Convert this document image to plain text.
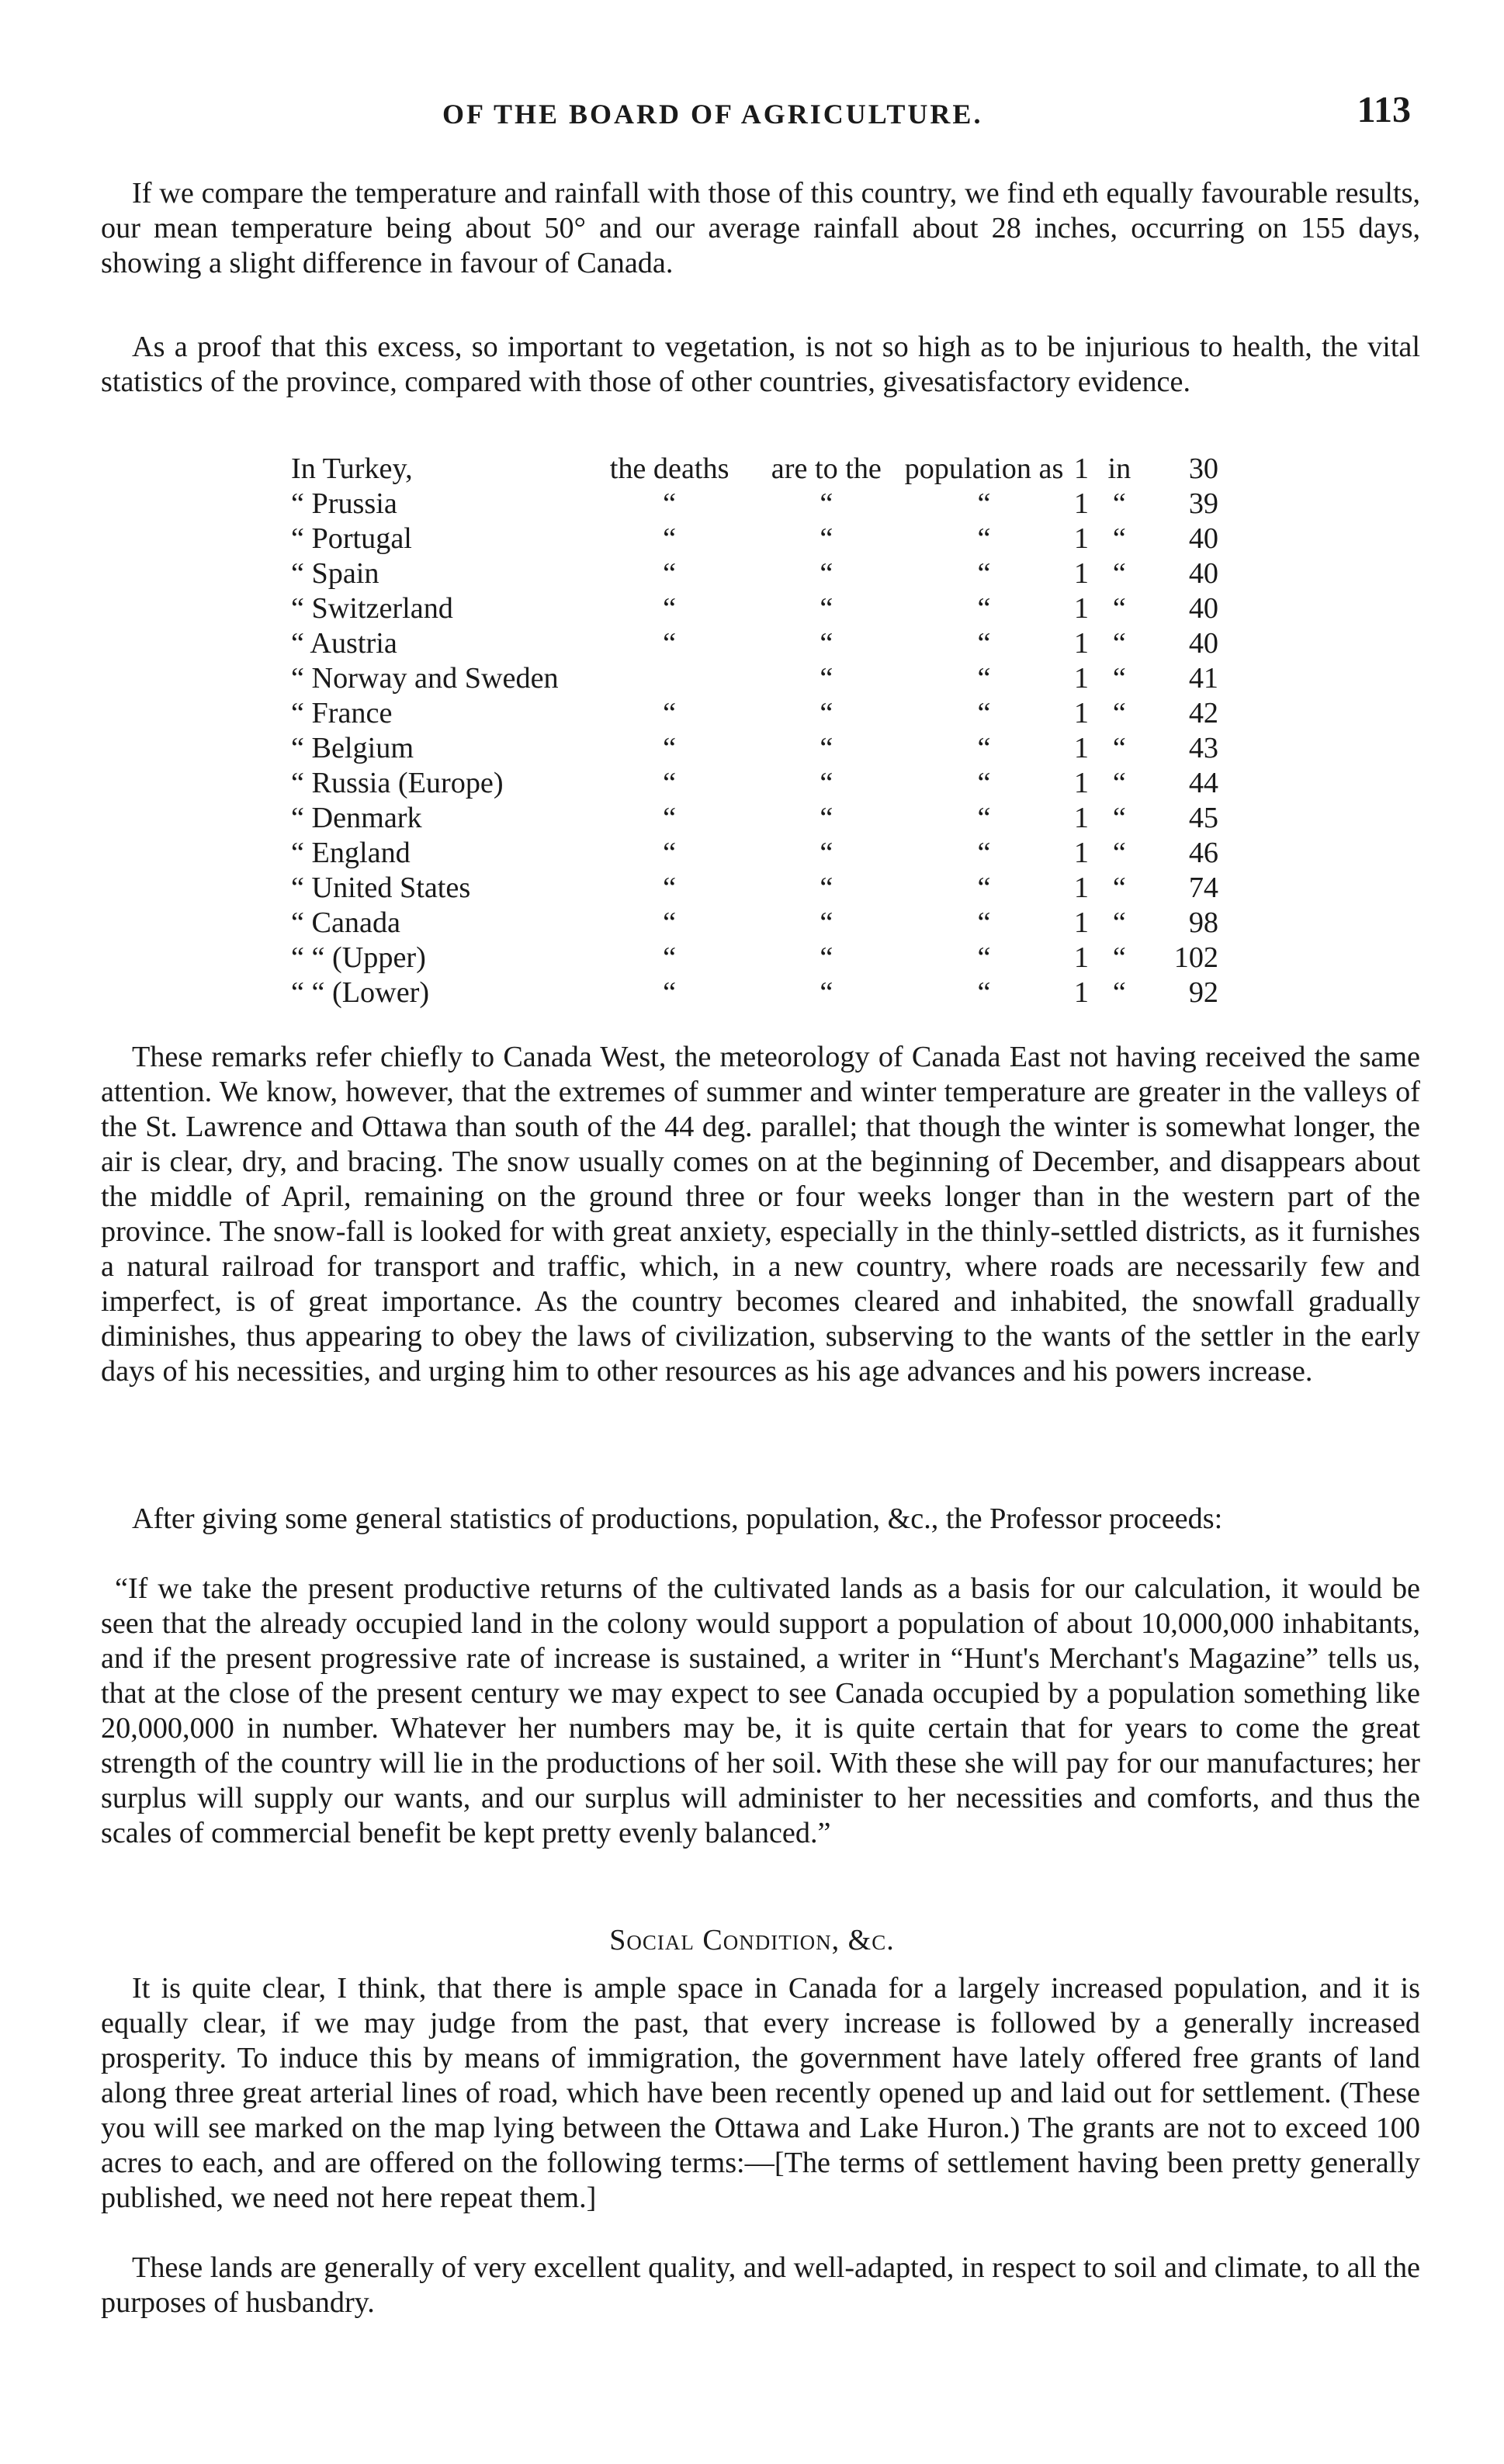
OF THE BOARD OF AGRICULTURE.	113

If we compare the temperature and rainfall with those of this country, we find eth equally favourable results, our mean temperature being about 50° and our average rainfall about 28 inches, occurring on 155 days, showing a slight difference in favour of Canada.

As a proof that this excess, so important to vegetation, is not so high as to be injurious to health, the vital statistics of the province, compared with those of other countries, givesatisfactory evidence.

In Turkey,	the deaths	are to the	population as	1	in	30
“ Prussia	“	“	“	1	“	39
“ Portugal	“	“	“	1	“	40
“ Spain	“	“	“	1	“	40
“ Switzerland	“	“	“	1	“	40
“ Austria	“	“	“	1	“	40
“ Norway and Sweden		“	“	1	“	41
“ France	“	“	“	1	“	42
“ Belgium	“	“	“	1	“	43
“ Russia (Europe)	“	“	“	1	“	44
“ Denmark	“	“	“	1	“	45
“ England	“	“	“	1	“	46
“ United States	“	“	“	1	“	74
“ Canada	“	“	“	1	“	98
“ “ (Upper)	“	“	“	1	“	102
“ “ (Lower)	“	“	“	1	“	92

These remarks refer chiefly to Canada West, the meteorology of Canada East not having received the same attention. We know, however, that the extremes of summer and winter temperature are greater in the valleys of the St. Lawrence and Ottawa than south of the 44 deg. parallel; that though the winter is somewhat longer, the air is clear, dry, and bracing. The snow usually comes on at the beginning of December, and disappears about the middle of April, remaining on the ground three or four weeks longer than in the western part of the province. The snow-fall is looked for with great anxiety, especially in the thinly-settled districts, as it furnishes a natural railroad for transport and traffic, which, in a new country, where roads are necessarily few and imperfect, is of great importance. As the country becomes cleared and inhabited, the snowfall gradually diminishes, thus appearing to obey the laws of civilization, subserving to the wants of the settler in the early days of his necessities, and urging him to other resources as his age advances and his powers increase.

After giving some general statistics of productions, population, &c., the Professor proceeds:

“If we take the present productive returns of the cultivated lands as a basis for our calculation, it would be seen that the already occupied land in the colony would support a population of about 10,000,000 inhabitants, and if the present progressive rate of increase is sustained, a writer in “Hunt's Merchant's Magazine” tells us, that at the close of the present century we may expect to see Canada occupied by a population something like 20,000,000 in number. Whatever her numbers may be, it is quite certain that for years to come the great strength of the country will lie in the productions of her soil. With these she will pay for our manufactures; her surplus will supply our wants, and our surplus will administer to her necessities and comforts, and thus the scales of commercial benefit be kept pretty evenly balanced.”

Social Condition, &c.

It is quite clear, I think, that there is ample space in Canada for a largely increased population, and it is equally clear, if we may judge from the past, that every increase is followed by a generally increased prosperity. To induce this by means of immigration, the government have lately offered free grants of land along three great arterial lines of road, which have been recently opened up and laid out for settlement. (These you will see marked on the map lying between the Ottawa and Lake Huron.) The grants are not to exceed 100 acres to each, and are offered on the following terms:—[The terms of settlement having been pretty generally published, we need not here repeat them.]

These lands are generally of very excellent quality, and well-adapted, in respect to soil and climate, to all the purposes of husbandry.
